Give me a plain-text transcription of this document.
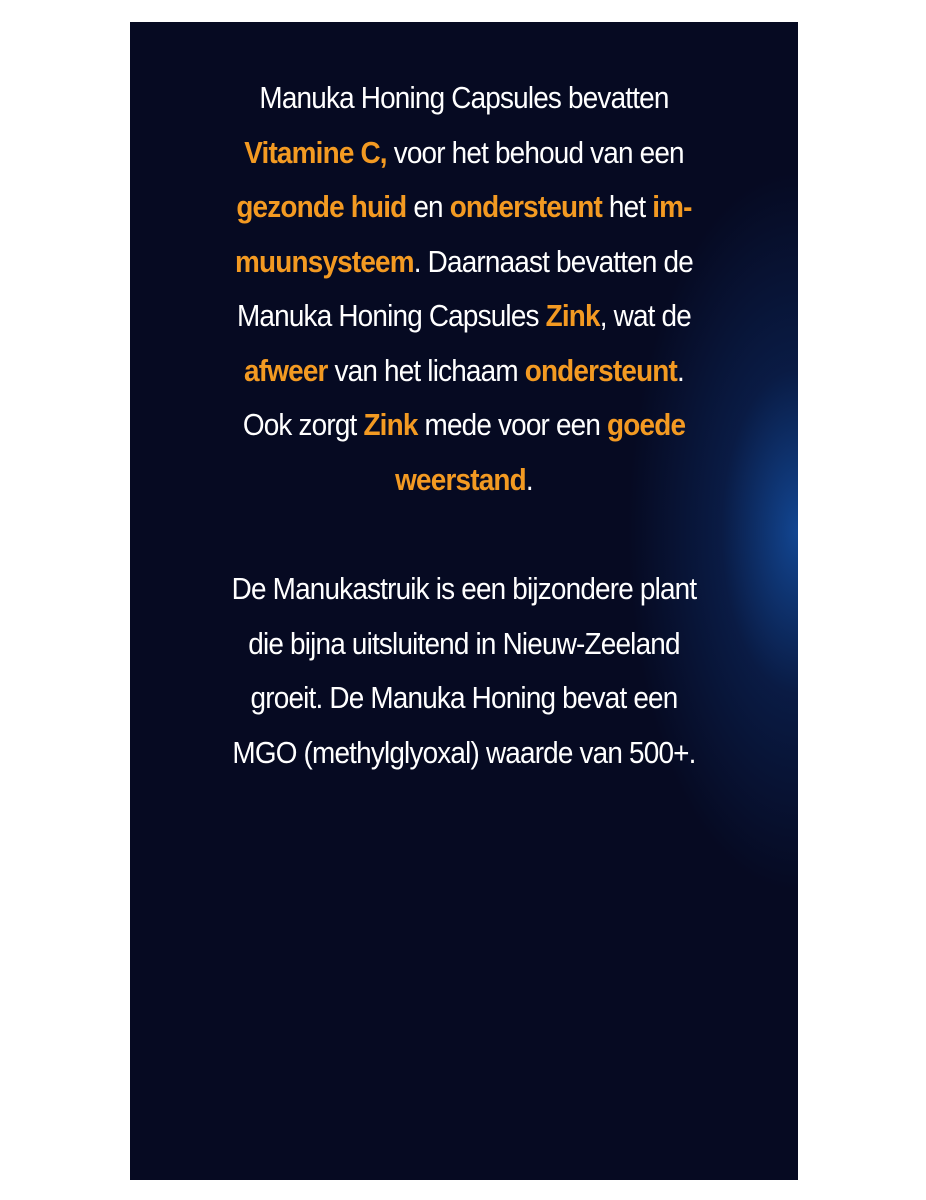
Manuka Honing Capsules bevatten
Vitamine C, voor het behoud van een
gezonde huid en ondersteunt het im-
muunsysteem. Daarnaast bevatten de
Manuka Honing Capsules Zink, wat de
afweer van het lichaam ondersteunt.
Ook zorgt Zink mede voor een goede
weerstand.
De Manukastruik is een bijzondere plant
die bijna uitsluitend in Nieuw-Zeeland
groeit. De Manuka Honing bevat een
MGO (methylglyoxal) waarde van 500+.
